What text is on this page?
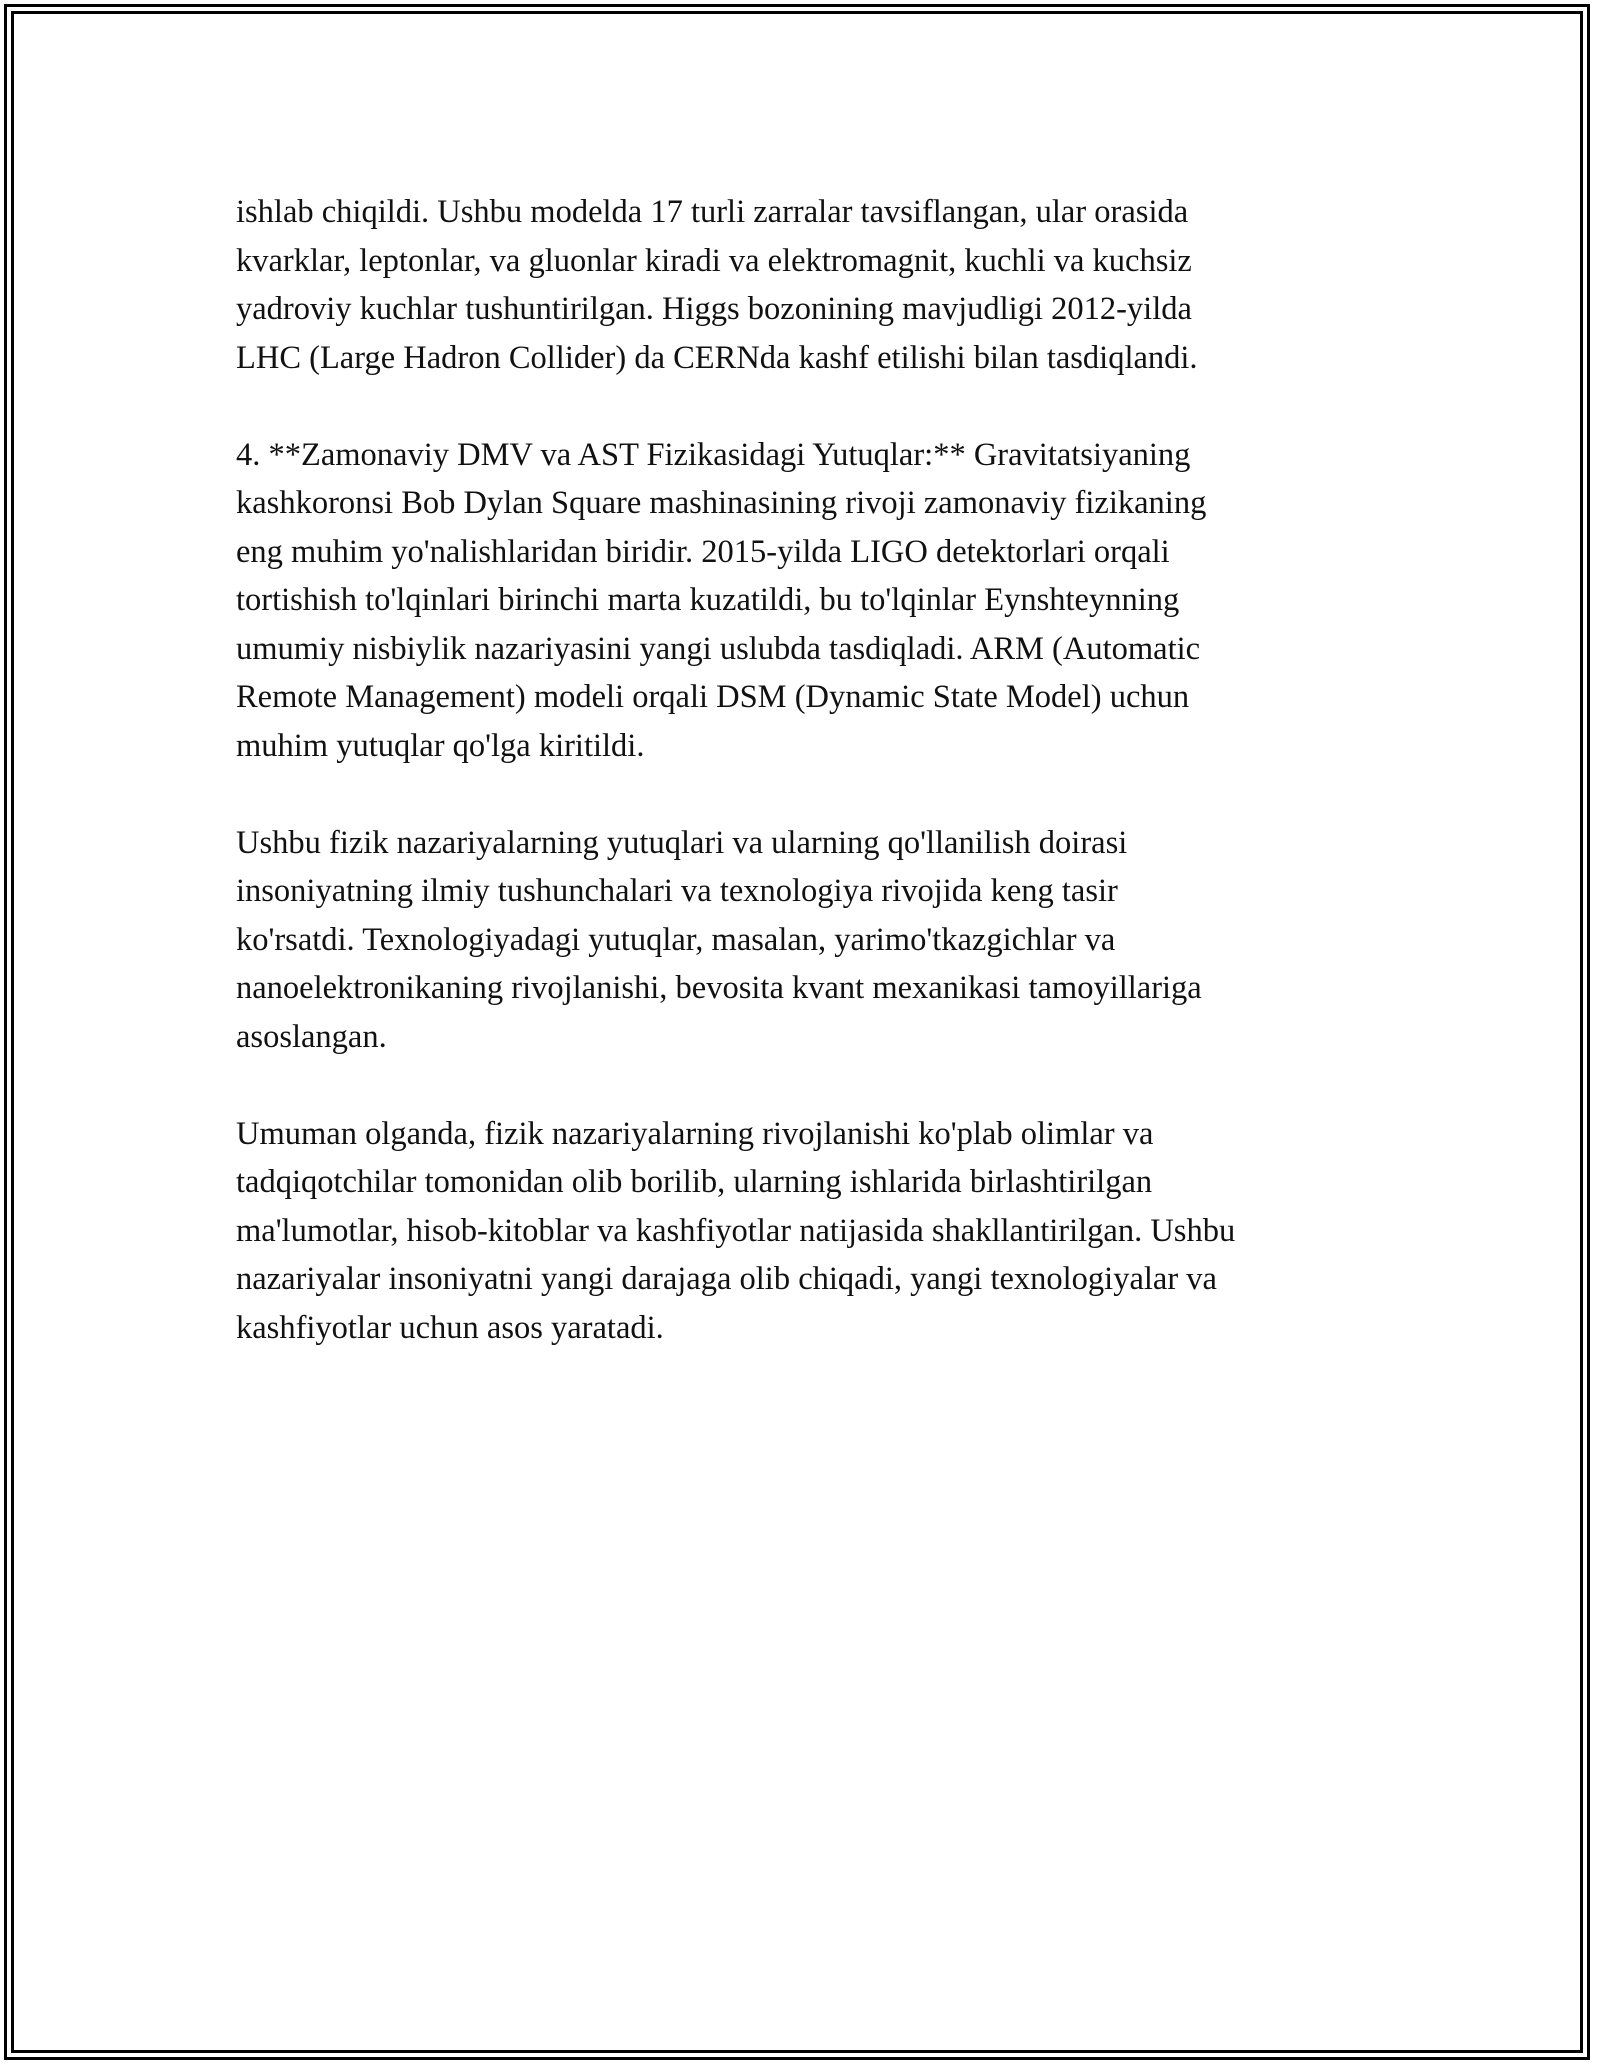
ishlab chiqildi. Ushbu modelda 17 turli zarralar tavsiflangan, ular orasida
kvarklar, leptonlar, va gluonlar kiradi va elektromagnit, kuchli va kuchsiz
yadroviy kuchlar tushuntirilgan. Higgs bozonining mavjudligi 2012-yilda
LHC (Large Hadron Collider) da CERNda kashf etilishi bilan tasdiqlandi.

4. **Zamonaviy DMV va AST Fizikasidagi Yutuqlar:** Gravitatsiyaning
kashkoronsi Bob Dylan Square mashinasining rivoji zamonaviy fizikaning
eng muhim yo'nalishlaridan biridir. 2015-yilda LIGO detektorlari orqali
tortishish to'lqinlari birinchi marta kuzatildi, bu to'lqinlar Eynshteynning
umumiy nisbiylik nazariyasini yangi uslubda tasdiqladi. ARM (Automatic
Remote Management) modeli orqali DSM (Dynamic State Model) uchun
muhim yutuqlar qo'lga kiritildi.

Ushbu fizik nazariyalarning yutuqlari va ularning qo'llanilish doirasi
insoniyatning ilmiy tushunchalari va texnologiya rivojida keng tasir
ko'rsatdi. Texnologiyadagi yutuqlar, masalan, yarimo'tkazgichlar va
nanoelektronikaning rivojlanishi, bevosita kvant mexanikasi tamoyillariga
asoslangan.

Umuman olganda, fizik nazariyalarning rivojlanishi ko'plab olimlar va
tadqiqotchilar tomonidan olib borilib, ularning ishlarida birlashtirilgan
ma'lumotlar, hisob-kitoblar va kashfiyotlar natijasida shakllantirilgan. Ushbu
nazariyalar insoniyatni yangi darajaga olib chiqadi, yangi texnologiyalar va
kashfiyotlar uchun asos yaratadi.
